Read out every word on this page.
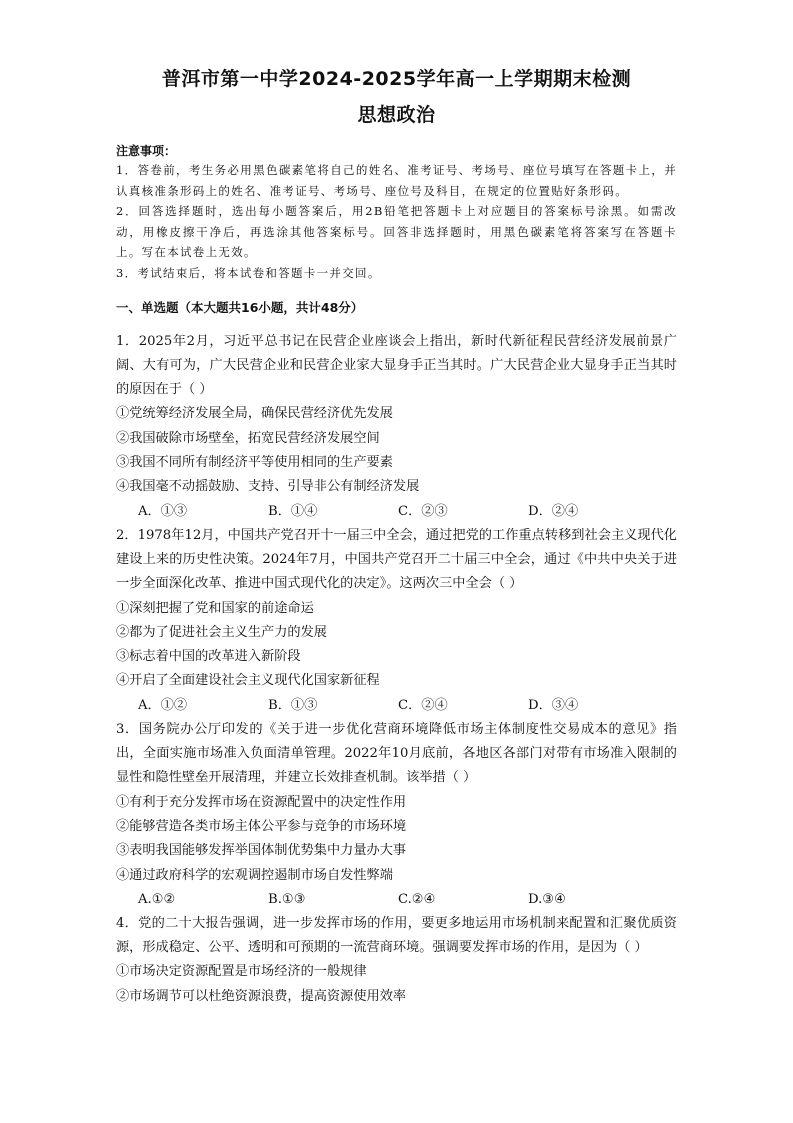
普洱市第一中学2024-2025学年高一上学期期末检测
思想政治
注意事项：

1．答卷前，考生务必用黑色碳素笔将自己的姓名、准考证号、考场号、座位号填写在答题卡上，并认真核准条形码上的姓名、准考证号、考场号、座位号及科目，在规定的位置贴好条形码。

2．回答选择题时，选出每小题答案后，用2B铅笔把答题卡上对应题目的答案标号涂黑。如需改动，用橡皮擦干净后，再选涂其他答案标号。回答非选择题时，用黑色碳素笔将答案写在答题卡上。写在本试卷上无效。

3．考试结束后，将本试卷和答题卡一并交回。

一、单选题（本大题共16小题，共计48分）

1．2025年2月，习近平总书记在民营企业座谈会上指出，新时代新征程民营经济发展前景广阔、大有可为，广大民营企业和民营企业家大显身手正当其时。广大民营企业大显身手正当其时的原因在于（ ）

①党统筹经济发展全局，确保民营经济优先发展

②我国破除市场壁垒，拓宽民营经济发展空间

③我国不同所有制经济平等使用相同的生产要素

④我国毫不动摇鼓励、支持、引导非公有制经济发展

A．①③	B．①④	C．②③	D．②④

2．1978年12月，中国共产党召开十一届三中全会，通过把党的工作重点转移到社会主义现代化建设上来的历史性决策。2024年7月，中国共产党召开二十届三中全会，通过《中共中央关于进一步全面深化改革、推进中国式现代化的决定》。这两次三中全会（ ）

①深刻把握了党和国家的前途命运

②都为了促进社会主义生产力的发展

③标志着中国的改革进入新阶段

④开启了全面建设社会主义现代化国家新征程

A．①②	B．①③	C．②④	D．③④

3．国务院办公厅印发的《关于进一步优化营商环境降低市场主体制度性交易成本的意见》指出，全面实施市场准入负面清单管理。2022年10月底前，各地区各部门对带有市场准入限制的显性和隐性壁垒开展清理，并建立长效排查机制。该举措（ ）

①有利于充分发挥市场在资源配置中的决定性作用

②能够营造各类市场主体公平参与竞争的市场环境

③表明我国能够发挥举国体制优势集中力量办大事

④通过政府科学的宏观调控遏制市场自发性弊端

A.①②	B.①③	C.②④	D.③④

4．党的二十大报告强调，进一步发挥市场的作用，要更多地运用市场机制来配置和汇聚优质资源，形成稳定、公平、透明和可预期的一流营商环境。强调要发挥市场的作用，是因为（ ）

①市场决定资源配置是市场经济的一般规律

②市场调节可以杜绝资源浪费，提高资源使用效率
